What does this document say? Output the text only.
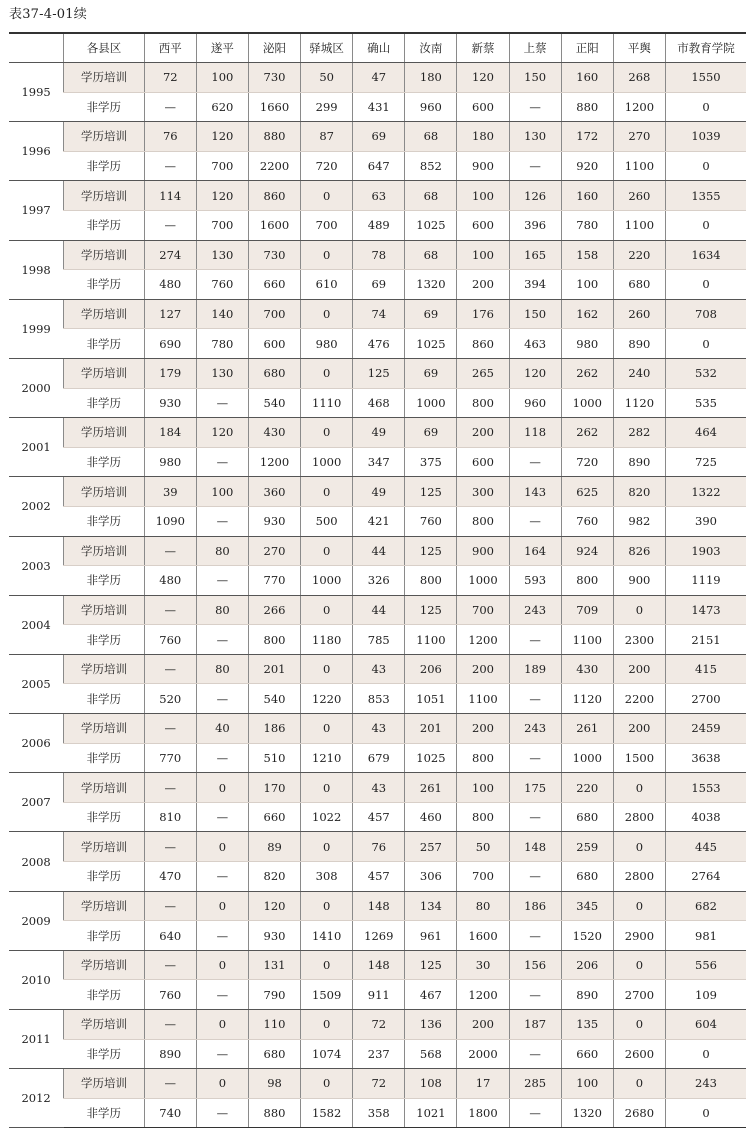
表37-4-01续
	各县区	西平	遂平	泌阳	驿城区	确山	汝南	新蔡	上蔡	正阳	平舆	市教育学院
1995	学历培训	72	100	730	50	47	180	120	150	160	268	1550
	非学历	—	620	1660	299	431	960	600	—	880	1200	0
1996	学历培训	76	120	880	87	69	68	180	130	172	270	1039
	非学历	—	700	2200	720	647	852	900	—	920	1100	0
1997	学历培训	114	120	860	0	63	68	100	126	160	260	1355
	非学历	—	700	1600	700	489	1025	600	396	780	1100	0
1998	学历培训	274	130	730	0	78	68	100	165	158	220	1634
	非学历	480	760	660	610	69	1320	200	394	100	680	0
1999	学历培训	127	140	700	0	74	69	176	150	162	260	708
	非学历	690	780	600	980	476	1025	860	463	980	890	0
2000	学历培训	179	130	680	0	125	69	265	120	262	240	532
	非学历	930	—	540	1110	468	1000	800	960	1000	1120	535
2001	学历培训	184	120	430	0	49	69	200	118	262	282	464
	非学历	980	—	1200	1000	347	375	600	—	720	890	725
2002	学历培训	39	100	360	0	49	125	300	143	625	820	1322
	非学历	1090	—	930	500	421	760	800	—	760	982	390
2003	学历培训	—	80	270	0	44	125	900	164	924	826	1903
	非学历	480	—	770	1000	326	800	1000	593	800	900	1119
2004	学历培训	—	80	266	0	44	125	700	243	709	0	1473
	非学历	760	—	800	1180	785	1100	1200	—	1100	2300	2151
2005	学历培训	—	80	201	0	43	206	200	189	430	200	415
	非学历	520	—	540	1220	853	1051	1100	—	1120	2200	2700
2006	学历培训	—	40	186	0	43	201	200	243	261	200	2459
	非学历	770	—	510	1210	679	1025	800	—	1000	1500	3638
2007	学历培训	—	0	170	0	43	261	100	175	220	0	1553
	非学历	810	—	660	1022	457	460	800	—	680	2800	4038
2008	学历培训	—	0	89	0	76	257	50	148	259	0	445
	非学历	470	—	820	308	457	306	700	—	680	2800	2764
2009	学历培训	—	0	120	0	148	134	80	186	345	0	682
	非学历	640	—	930	1410	1269	961	1600	—	1520	2900	981
2010	学历培训	—	0	131	0	148	125	30	156	206	0	556
	非学历	760	—	790	1509	911	467	1200	—	890	2700	109
2011	学历培训	—	0	110	0	72	136	200	187	135	0	604
	非学历	890	—	680	1074	237	568	2000	—	660	2600	0
2012	学历培训	—	0	98	0	72	108	17	285	100	0	243
	非学历	740	—	880	1582	358	1021	1800	—	1320	2680	0
